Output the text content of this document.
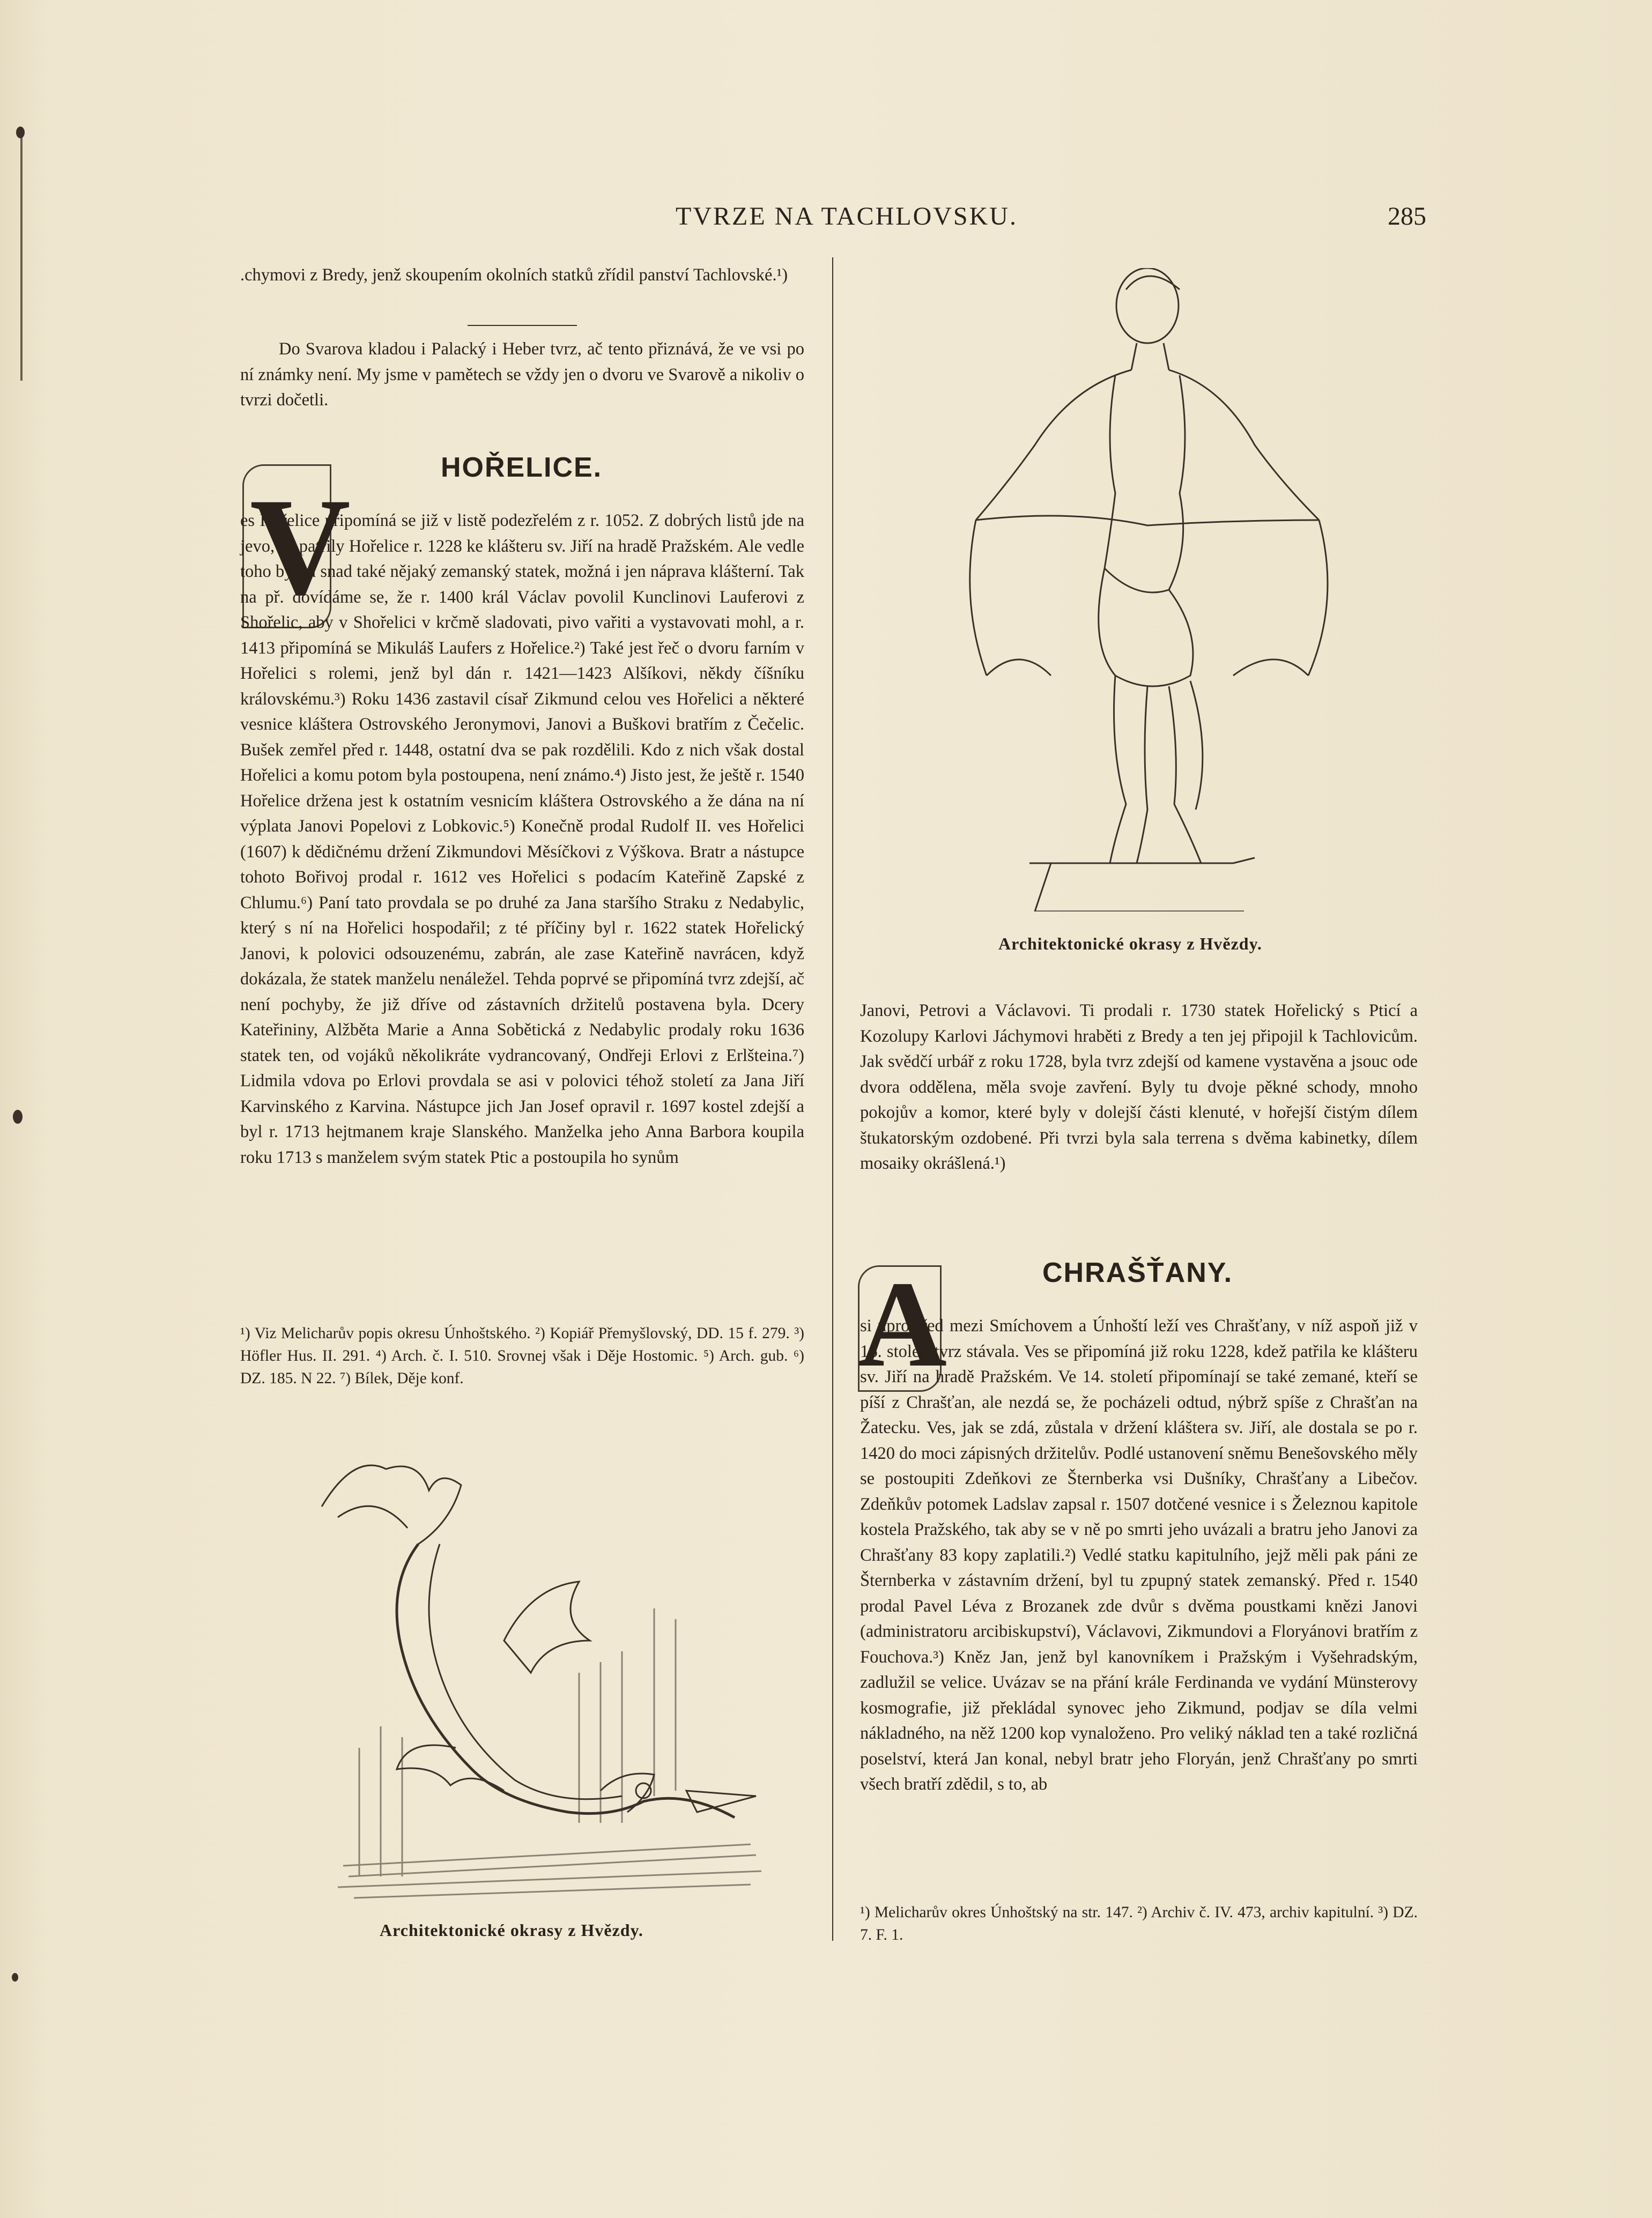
TVRZE NA TACHLOVSKU.	285

.chymovi z Bredy, jenž skoupením okolních statků zřídil panství Tachlovské.¹)

Do Svarova kladou i Palacký i Heber tvrz, ač tento přiznává, že ve vsi po ní známky není. My jsme v pamětech se vždy jen o dvoru ve Svarově a nikoliv o tvrzi dočetli.

HOŘELICE.
V

es Hořelice připomíná se již v listě podezřelém z r. 1052. Z dobrých listů jde na jevo, že patřily Hořelice r. 1228 ke klášteru sv. Jiří na hradě Pražském. Ale vedle toho byl tu snad také nějaký zemanský statek, možná i jen náprava klášterní. Tak na př. dovídáme se, že r. 1400 král Václav povolil Kunclinovi Lauferovi z Shořelic, aby v Shořelici v krčmě sladovati, pivo vařiti a vystavovati mohl, a r. 1413 připomíná se Mikuláš Laufers z Hořelice.²) Také jest řeč o dvoru farním v Hořelici s rolemi, jenž byl dán r. 1421—1423 Alšíkovi, někdy číšníku královskému.³) Roku 1436 zastavil císař Zikmund celou ves Hořelici a některé vesnice kláštera Ostrovského Jeronymovi, Janovi a Buškovi bratřím z Čečelic. Bušek zemřel před r. 1448, ostatní dva se pak rozdělili. Kdo z nich však dostal Hořelici a komu potom byla postoupena, není známo.⁴) Jisto jest, že ještě r. 1540 Hořelice držena jest k ostatním vesnicím kláštera Ostrovského a že dána na ní výplata Janovi Popelovi z Lobkovic.⁵) Konečně prodal Rudolf II. ves Hořelici (1607) k dědičnému držení Zikmundovi Měsíčkovi z Výškova. Bratr a nástupce tohoto Bořivoj prodal r. 1612 ves Hořelici s podacím Kateřině Zapské z Chlumu.⁶) Paní tato provdala se po druhé za Jana staršího Straku z Nedabylic, který s ní na Hořelici hospodařil; z té příčiny byl r. 1622 statek Hořelický Janovi, k polovici odsouzenému, zabrán, ale zase Kateřině navrácen, když dokázala, že statek manželu nenáležel. Tehda poprvé se připomíná tvrz zdejší, ač není pochyby, že již dříve od zástavních držitelů postavena byla. Dcery Kateřininy, Alžběta Marie a Anna Sobětická z Nedabylic prodaly roku 1636 statek ten, od vojáků několikráte vydrancovaný, Ondřeji Erlovi z Erlšteina.⁷) Lidmila vdova po Erlovi provdala se asi v polovici téhož století za Jana Jiří Karvinského z Karvina. Nástupce jich Jan Josef opravil r. 1697 kostel zdejší a byl r. 1713 hejtmanem kraje Slanského. Manželka jeho Anna Barbora koupila roku 1713 s manželem svým statek Ptic a postoupila ho synům

¹) Viz Melicharův popis okresu Únhoštského. ²) Kopiář Přemyšlovský, DD. 15 f. 279. ³) Höfler Hus. II. 291. ⁴) Arch. č. I. 510. Srovnej však i Děje Hostomic. ⁵) Arch. gub. ⁶) DZ. 185. N 22. ⁷) Bílek, Děje konf.
Architektonické okrasy z Hvězdy.
Architektonické okrasy z Hvězdy.

Janovi, Petrovi a Václavovi. Ti prodali r. 1730 statek Hořelický s Pticí a Kozolupy Karlovi Jáchymovi hraběti z Bredy a ten jej připojil k Tachlovicům. Jak svědčí urbář z roku 1728, byla tvrz zdejší od kamene vystavěna a jsouc ode dvora oddělena, měla svoje zavření. Byly tu dvoje pěkné schody, mnoho pokojův a komor, které byly v dolejší části klenuté, v hořejší čistým dílem štukatorským ozdobené. Při tvrzi byla sala terrena s dvěma kabinetky, dílem mosaiky okrášlená.¹)

CHRAŠŤANY.
A

si uprostřed mezi Smíchovem a Únhoští leží ves Chrašťany, v níž aspoň již v 16. století tvrz stávala. Ves se připomíná již roku 1228, kdež patřila ke klášteru sv. Jiří na hradě Pražském. Ve 14. století připomínají se také zemané, kteří se píší z Chrašťan, ale nezdá se, že pocházeli odtud, nýbrž spíše z Chrašťan na Žatecku. Ves, jak se zdá, zůstala v držení kláštera sv. Jiří, ale dostala se po r. 1420 do moci zápisných držitelův. Podlé ustanovení sněmu Benešovského měly se postoupiti Zdeňkovi ze Šternberka vsi Dušníky, Chrašťany a Libečov. Zdeňkův potomek Ladslav zapsal r. 1507 dotčené vesnice i s Železnou kapitole kostela Pražského, tak aby se v ně po smrti jeho uvázali a bratru jeho Janovi za Chrašťany 83 kopy zaplatili.²) Vedlé statku kapitulního, jejž měli pak páni ze Šternberka v zástavním držení, byl tu zpupný statek zemanský. Před r. 1540 prodal Pavel Léva z Brozanek zde dvůr s dvěma poustkami knězi Janovi (administratoru arcibiskupství), Václavovi, Zikmundovi a Floryánovi bratřím z Fouchova.³) Kněz Jan, jenž byl kanovníkem i Pražským i Vyšehradským, zadlužil se velice. Uvázav se na přání krále Ferdinanda ve vydání Münsterovy kosmografie, již překládal synovec jeho Zikmund, podjav se díla velmi nákladného, na něž 1200 kop vynaloženo. Pro veliký náklad ten a také rozličná poselství, která Jan konal, nebyl bratr jeho Floryán, jenž Chrašťany po smrti všech bratří zdědil, s to, ab

¹) Melicharův okres Únhoštský na str. 147. ²) Archiv č. IV. 473, archiv kapitulní. ³) DZ. 7. F. 1.
